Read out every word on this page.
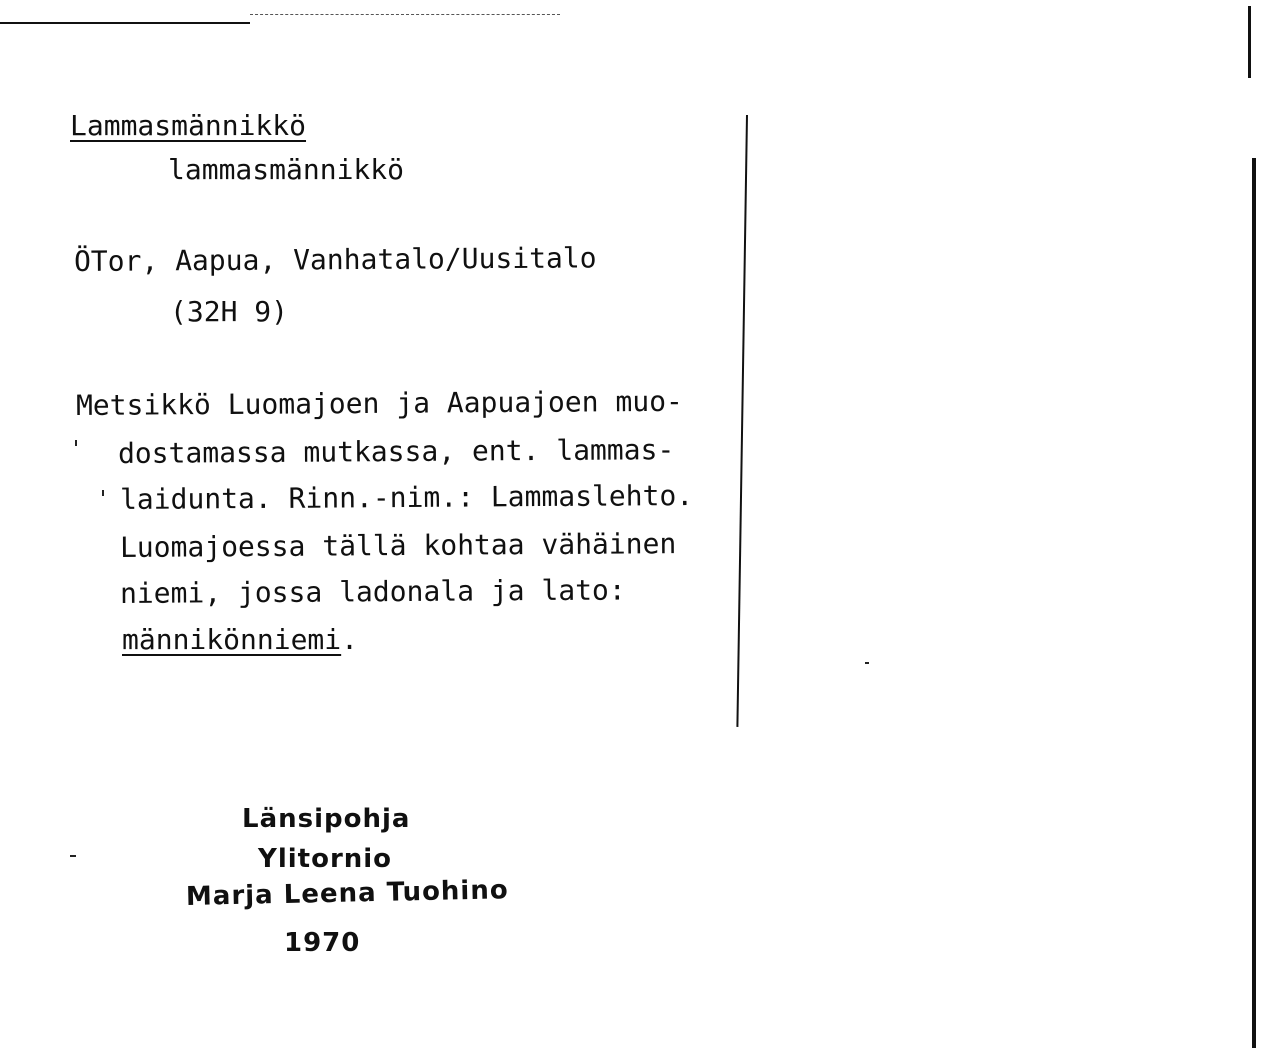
Lammasmännikkö
lammasmännikkö
ÖTor, Aapua, Vanhatalo/Uusitalo
(32H 9)
Metsikkö Luomajoen ja Aapuajoen muo-
dostamassa mutkassa, ent. lammas-
laidunta. Rinn.-nim.: Lammaslehto.
Luomajoessa tällä kohtaa vähäinen
niemi, jossa ladonala ja lato:
männikönniemi.
Länsipohja
Ylitornio
Marja Leena Tuohino
1970
